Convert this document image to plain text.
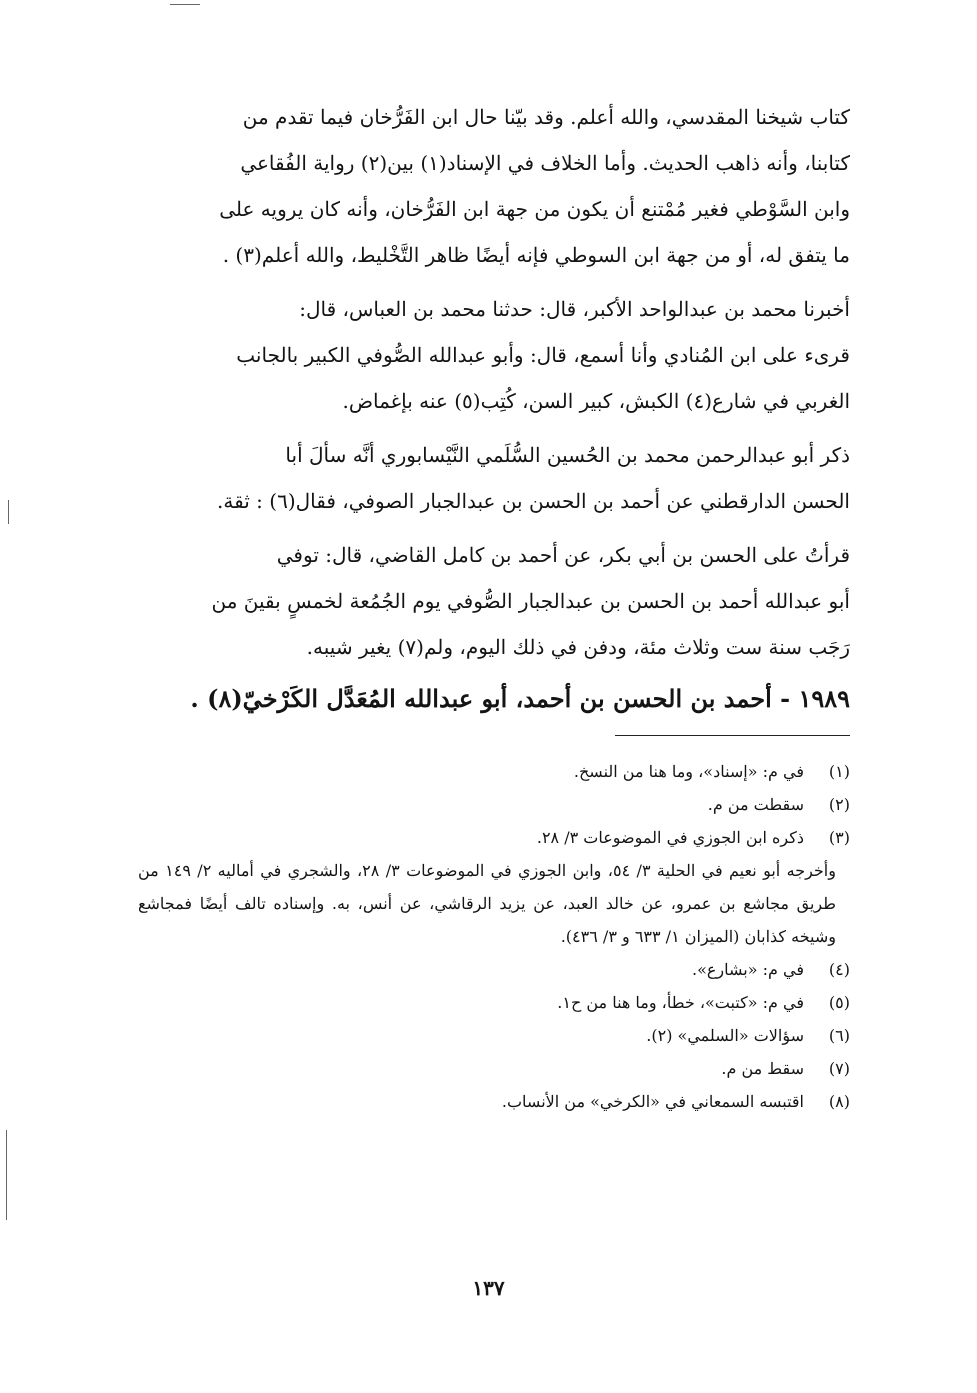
كتاب شيخنا المقدسي، والله أعلم. وقد بيّنا حال ابن الفَرُّخان فيما تقدم من
كتابنا، وأنه ذاهب الحديث. وأما الخلاف في الإسناد(١) بين(٢) رواية الفُقاعي
وابن السَّوْطي فغير مُمْتنع أن يكون من جهة ابن الفَرُّخان، وأنه كان يرويه على
ما يتفق له، أو من جهة ابن السوطي فإنه أيضًا ظاهر التَّخْليط، والله أعلم(٣) .
أخبرنا محمد بن عبدالواحد الأكبر، قال: حدثنا محمد بن العباس، قال:
قرىء على ابن المُنادي وأنا أسمع، قال: وأبو عبدالله الصُّوفي الكبير بالجانب
الغربي في شارع(٤) الكبش، كبير السن، كُتِب(٥) عنه بإغماض.
ذكر أبو عبدالرحمن محمد بن الحُسين السُّلَمي النَّيْسابوري أنَّه سألَ أبا
الحسن الدارقطني عن أحمد بن الحسن بن عبدالجبار الصوفي، فقال(٦) : ثقة.
قرأتُ على الحسن بن أبي بكر، عن أحمد بن كامل القاضي، قال: توفي
أبو عبدالله أحمد بن الحسن بن عبدالجبار الصُّوفي يوم الجُمُعة لخمسٍ بقينَ من
رَجَب سنة ست وثلاث مئة، ودفن في ذلك اليوم، ولم(٧) يغير شيبه.
١٩٨٩ - أحمد بن الحسن بن أحمد، أبو عبدالله المُعَدَّل الكَرْخيّ(٨) .
(١)
في م: «إسناد»، وما هنا من النسخ.
(٢)
سقطت من م.
(٣)
ذكره ابن الجوزي في الموضوعات ٣/ ٢٨.
وأخرجه أبو نعيم في الحلية ٣/ ٥٤، وابن الجوزي في الموضوعات ٣/ ٢٨، والشجري في أماليه ٢/ ١٤٩ من طريق مجاشع بن عمرو، عن خالد العبد، عن يزيد الرقاشي، عن أنس، به. وإسناده تالف أيضًا فمجاشع وشيخه كذابان (الميزان ١/ ٦٣٣ و ٣/ ٤٣٦).
(٤)
في م: «بشارع».
(٥)
في م: «كتبت»، خطأ، وما هنا من ح١.
(٦)
سؤالات «السلمي» (٢).
(٧)
سقط من م.
(٨)
اقتبسه السمعاني في «الكرخي» من الأنساب.
١٣٧
